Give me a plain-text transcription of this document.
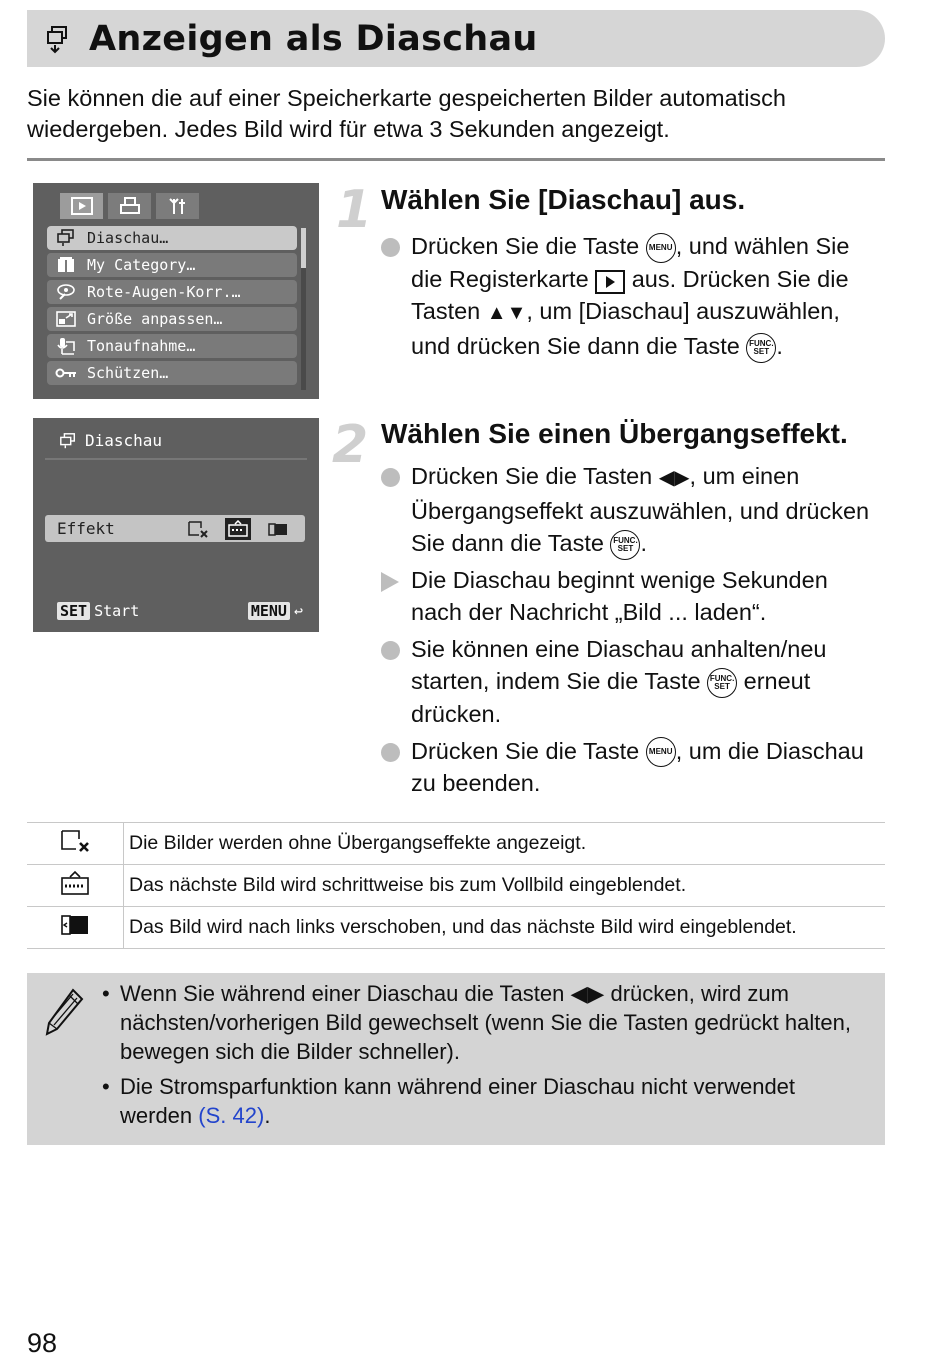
Anzeigen als Diaschau
Sie können die auf einer Speicherkarte gespeicherten Bilder automatisch wiedergeben. Jedes Bild wird für etwa 3 Sekunden angezeigt.
Diaschau…
My Category…
Rote-Augen-Korr.…
Größe anpassen…
Tonaufnahme…
Schützen…
Diaschau
Effekt
SET Start	MENU ↩
1 Wählen Sie [Diaschau] aus.
Drücken Sie die Taste MENU , und wählen Sie die Registerkarte aus. Drücken Sie die Tasten ▲▼, um [Diaschau] auszuwählen, und drücken Sie dann die Taste FUNC.
SET .
2 Wählen Sie einen Übergangseffekt.
Drücken Sie die Tasten ◀▶, um einen Übergangseffekt auszuwählen, und drücken Sie dann die Taste FUNC.
SET .
Die Diaschau beginnt wenige Sekunden nach der Nachricht „Bild ... laden“.
Sie können eine Diaschau anhalten/neu starten, indem Sie die Taste FUNC.
SET erneut drücken.
Drücken Sie die Taste MENU , um die Diaschau zu beenden.
	Die Bilder werden ohne Übergangseffekte angezeigt.
	Das nächste Bild wird schrittweise bis zum Vollbild eingeblendet.
	Das Bild wird nach links verschoben, und das nächste Bild wird eingeblendet.
• Wenn Sie während einer Diaschau die Tasten ◀▶ drücken, wird zum nächsten/vorherigen Bild gewechselt (wenn Sie die Tasten gedrückt halten, bewegen sich die Bilder schneller).
• Die Stromsparfunktion kann während einer Diaschau nicht verwendet werden (S. 42).
98
